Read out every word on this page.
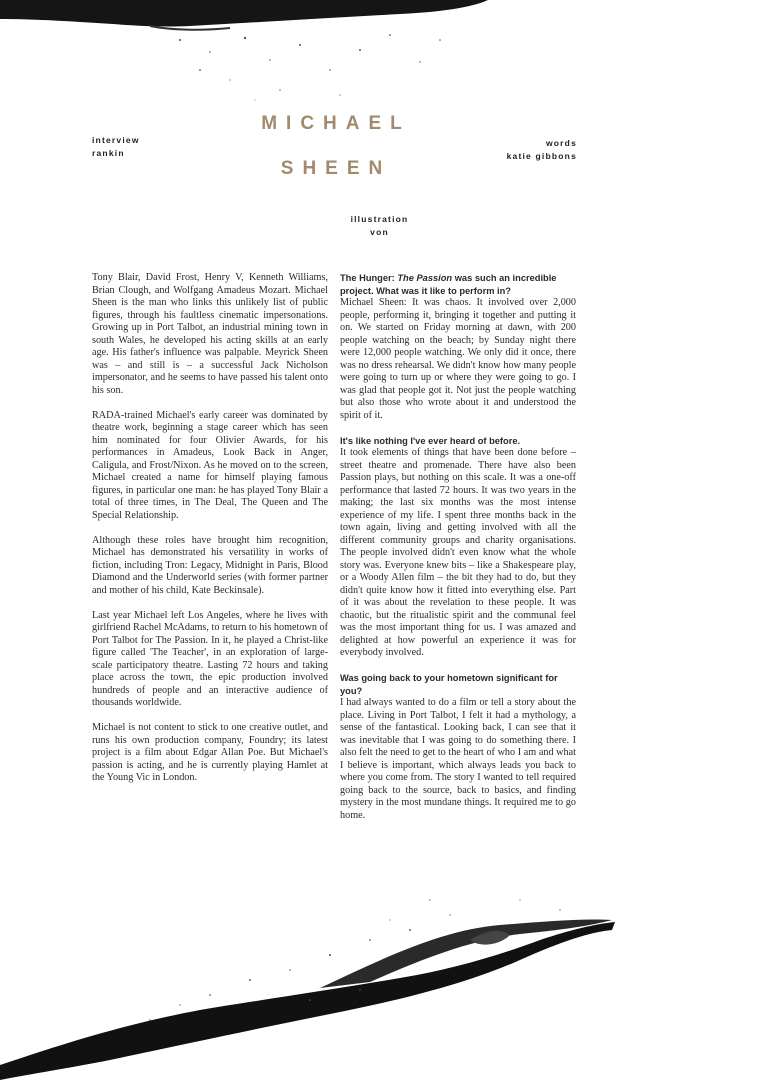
interview
rankin
MICHAEL
SHEEN
words
katie gibbons
illustration
von

Tony Blair, David Frost, Henry V, Kenneth Williams, Brian Clough, and Wolfgang Amadeus Mozart. Michael Sheen is the man who links this unlikely list of public figures, through his faultless cinematic impersonations. Growing up in Port Talbot, an industrial mining town in south Wales, he developed his acting skills at an early age. His father's influence was palpable. Meyrick Sheen was – and still is – a successful Jack Nicholson impersonator, and he seems to have passed his talent onto his son.

RADA-trained Michael's early career was dominated by theatre work, beginning a stage career which has seen him nominated for four Olivier Awards, for his performances in Amadeus, Look Back in Anger, Caligula, and Frost/Nixon. As he moved on to the screen, Michael created a name for himself playing famous figures, in particular one man: he has played Tony Blair a total of three times, in The Deal, The Queen and The Special Relationship.

Although these roles have brought him recognition, Michael has demonstrated his versatility in works of fiction, including Tron: Legacy, Midnight in Paris, Blood Diamond and the Underworld series (with former partner and mother of his child, Kate Beckinsale).

Last year Michael left Los Angeles, where he lives with girlfriend Rachel McAdams, to return to his hometown of Port Talbot for The Passion. In it, he played a Christ-like figure called 'The Teacher', in an exploration of large-scale participatory theatre. Lasting 72 hours and taking place across the town, the epic production involved hundreds of people and an interactive audience of thousands worldwide.

Michael is not content to stick to one creative outlet, and runs his own production company, Foundry; its latest project is a film about Edgar Allan Poe. But Michael's passion is acting, and he is currently playing Hamlet at the Young Vic in London.

The Hunger: The Passion was such an incredible project. What was it like to perform in?

Michael Sheen: It was chaos. It involved over 2,000 people, performing it, bringing it together and putting it on. We started on Friday morning at dawn, with 200 people watching on the beach; by Sunday night there were 12,000 people watching. We only did it once, there was no dress rehearsal. We didn't know how many people were going to turn up or where they were going to go. I was glad that people got it. Not just the people watching but also those who wrote about it and understood the spirit of it.

It's like nothing I've ever heard of before.

It took elements of things that have been done before – street theatre and promenade. There have also been Passion plays, but nothing on this scale. It was a one-off performance that lasted 72 hours. It was two years in the making; the last six months was the most intense experience of my life. I spent three months back in the town again, living and getting involved with all the different community groups and charity organisations. The people involved didn't even know what the whole story was. Everyone knew bits – like a Shakespeare play, or a Woody Allen film – the bit they had to do, but they didn't quite know how it fitted into everything else. Part of it was about the revelation to these people. It was chaotic, but the ritualistic spirit and the communal feel was the most important thing for us. I was amazed and delighted at how powerful an experience it was for everybody involved.

Was going back to your hometown significant for you?

I had always wanted to do a film or tell a story about the place. Living in Port Talbot, I felt it had a mythology, a sense of the fantastical. Looking back, I can see that it was inevitable that I was going to do something there. I also felt the need to get to the heart of who I am and what I believe is important, which always leads you back to where you come from. The story I wanted to tell required going back to the source, back to basics, and finding mystery in the most mundane things. It required me to go home.
